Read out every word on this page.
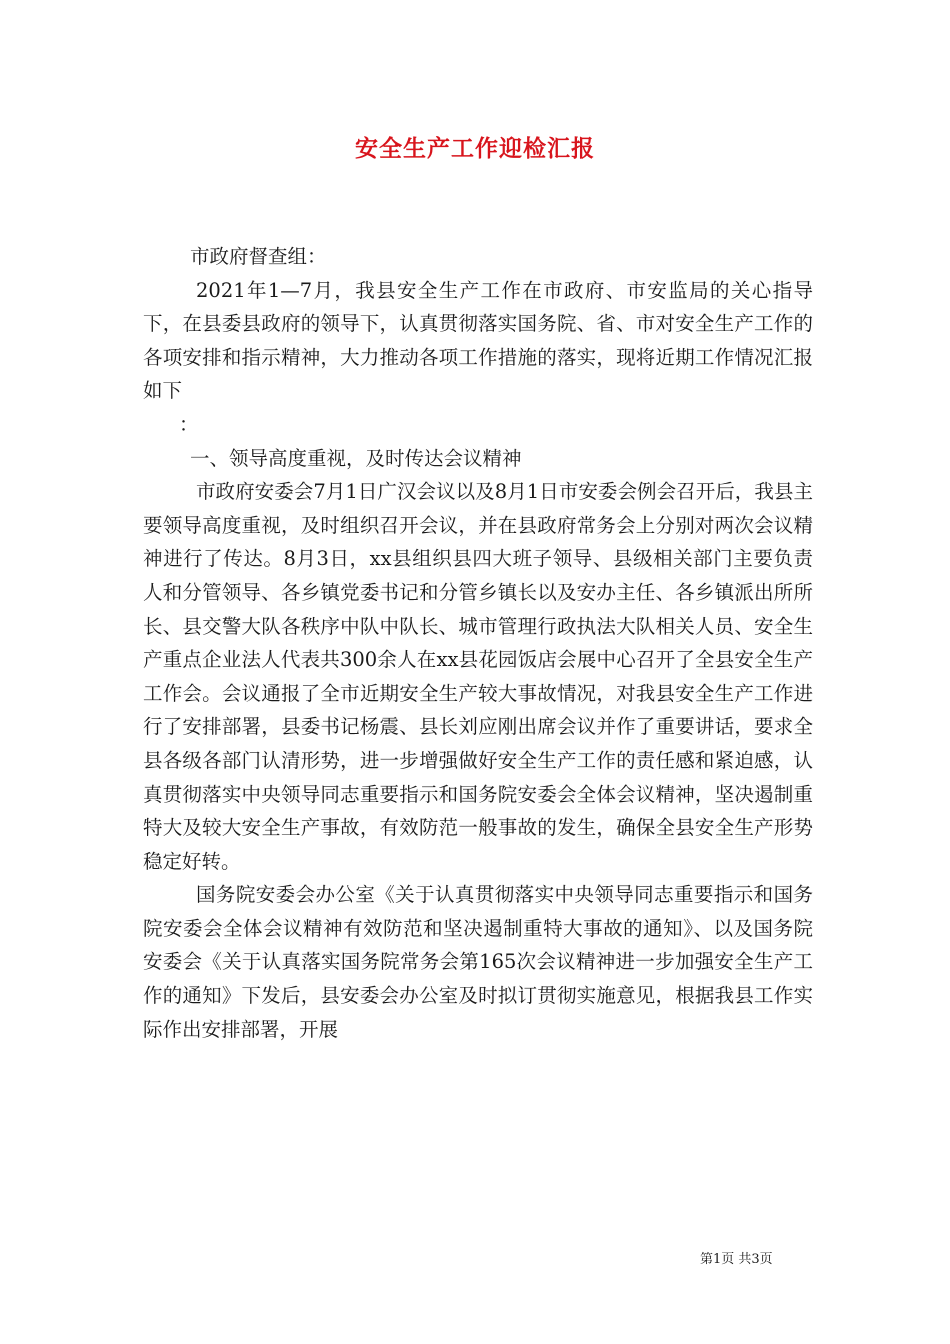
安全生产工作迎检汇报

市政府督查组：

2021年1—7月，我县安全生产工作在市政府、市安监局的关心指导下，在县委县政府的领导下，认真贯彻落实国务院、省、市对安全生产工作的各项安排和指示精神，大力推动各项工作措施的落实，现将近期工作情况汇报如下

：

一、领导高度重视，及时传达会议精神

市政府安委会7月1日广汉会议以及8月1日市安委会例会召开后，我县主要领导高度重视，及时组织召开会议，并在县政府常务会上分别对两次会议精神进行了传达。8月3日，xx县组织县四大班子领导、县级相关部门主要负责人和分管领导、各乡镇党委书记和分管乡镇长以及安办主任、各乡镇派出所所长、县交警大队各秩序中队中队长、城市管理行政执法大队相关人员、安全生产重点企业法人代表共300余人在xx县花园饭店会展中心召开了全县安全生产工作会。会议通报了全市近期安全生产较大事故情况，对我县安全生产工作进行了安排部署，县委书记杨震、县长刘应刚出席会议并作了重要讲话，要求全县各级各部门认清形势，进一步增强做好安全生产工作的责任感和紧迫感，认真贯彻落实中央领导同志重要指示和国务院安委会全体会议精神，坚决遏制重特大及较大安全生产事故，有效防范一般事故的发生，确保全县安全生产形势稳定好转。

国务院安委会办公室《关于认真贯彻落实中央领导同志重要指示和国务院安委会全体会议精神有效防范和坚决遏制重特大事故的通知》、以及国务院安委会《关于认真落实国务院常务会第165次会议精神进一步加强安全生产工作的通知》下发后，县安委会办公室及时拟订贯彻实施意见，根据我县工作实际作出安排部署，开展

第1页 共3页
